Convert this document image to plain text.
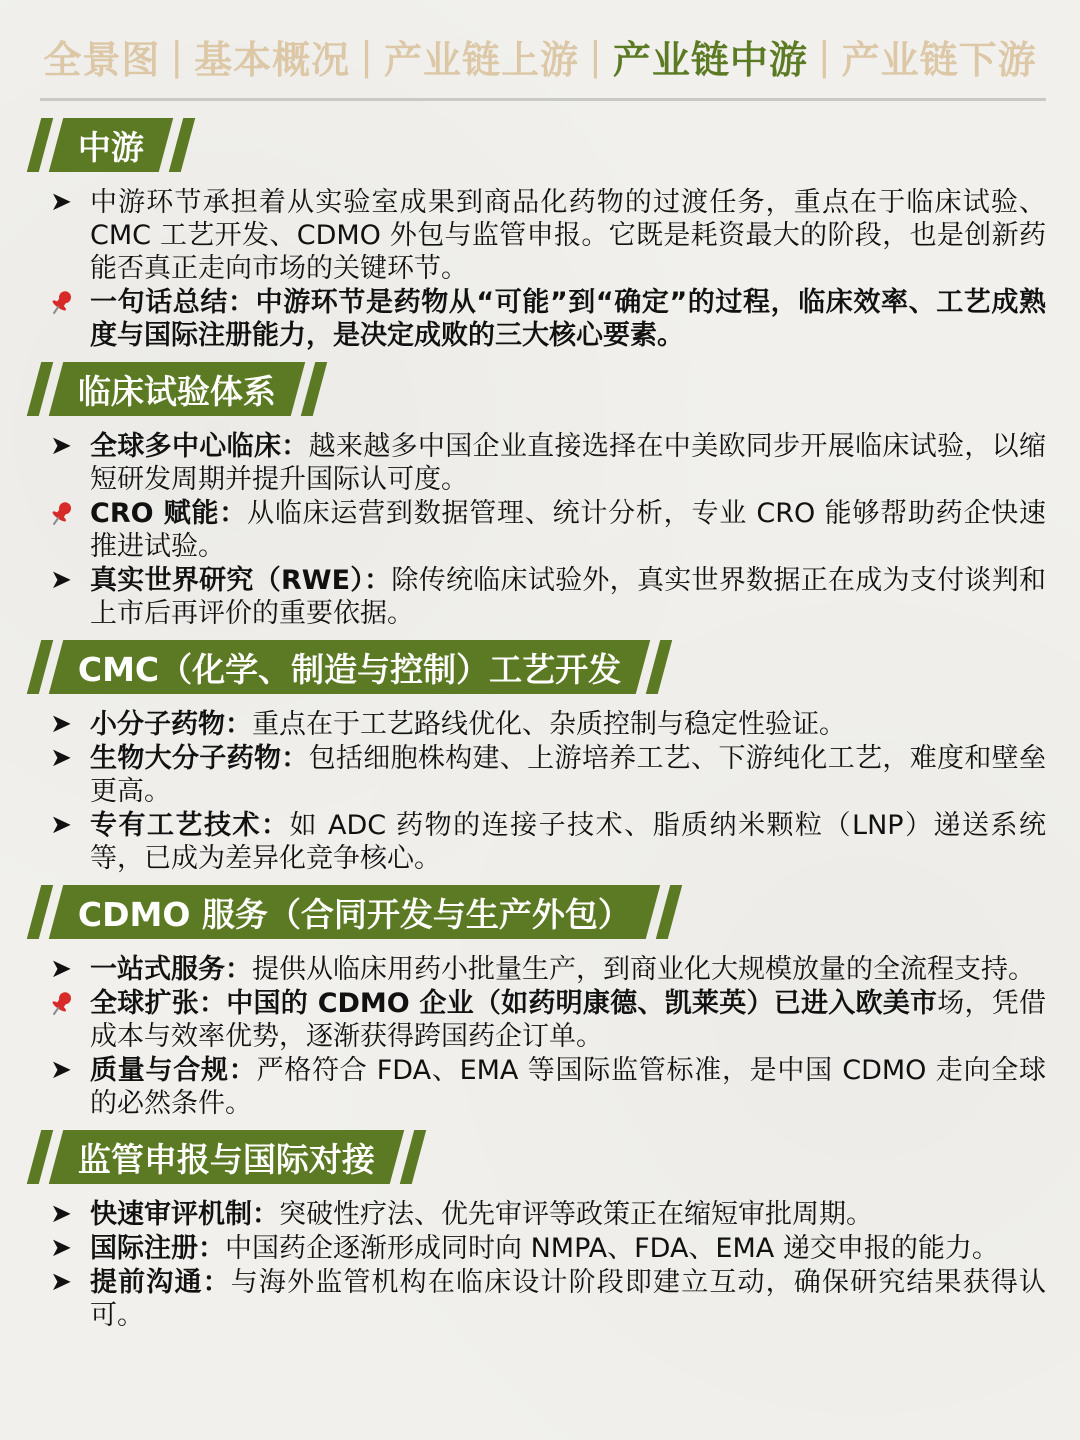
全景图 | 基本概况 | 产业链上游 | 产业链中游 | 产业链下游
中游
➤ 中游环节承担着从实验室成果到商品化药物的过渡任务，重点在于临床试验、CMC 工艺开发、CDMO 外包与监管申报。它既是耗资最大的阶段，也是创新药能否真正走向市场的关键环节。
一句话总结：中游环节是药物从“可能”到“确定”的过程，临床效率、工艺成熟度与国际注册能力，是决定成败的三大核心要素。
临床试验体系
➤ 全球多中心临床：越来越多中国企业直接选择在中美欧同步开展临床试验，以缩短研发周期并提升国际认可度。
CRO 赋能：从临床运营到数据管理、统计分析，专业 CRO 能够帮助药企快速推进试验。
➤ 真实世界研究（RWE）：除传统临床试验外，真实世界数据正在成为支付谈判和上市后再评价的重要依据。
CMC（化学、制造与控制）工艺开发
➤ 小分子药物：重点在于工艺路线优化、杂质控制与稳定性验证。
➤ 生物大分子药物：包括细胞株构建、上游培养工艺、下游纯化工艺，难度和壁垒更高。
➤ 专有工艺技术：如 ADC 药物的连接子技术、脂质纳米颗粒（LNP）递送系统等，已成为差异化竞争核心。
CDMO 服务（合同开发与生产外包）
➤ 一站式服务：提供从临床用药小批量生产，到商业化大规模放量的全流程支持。
全球扩张：中国的 CDMO 企业（如药明康德、凯莱英）已进入欧美市场，凭借成本与效率优势，逐渐获得跨国药企订单。
➤ 质量与合规：严格符合 FDA、EMA 等国际监管标准，是中国 CDMO 走向全球的必然条件。
监管申报与国际对接
➤ 快速审评机制：突破性疗法、优先审评等政策正在缩短审批周期。
➤ 国际注册：中国药企逐渐形成同时向 NMPA、FDA、EMA 递交申报的能力。
➤ 提前沟通：与海外监管机构在临床设计阶段即建立互动，确保研究结果获得认可。
